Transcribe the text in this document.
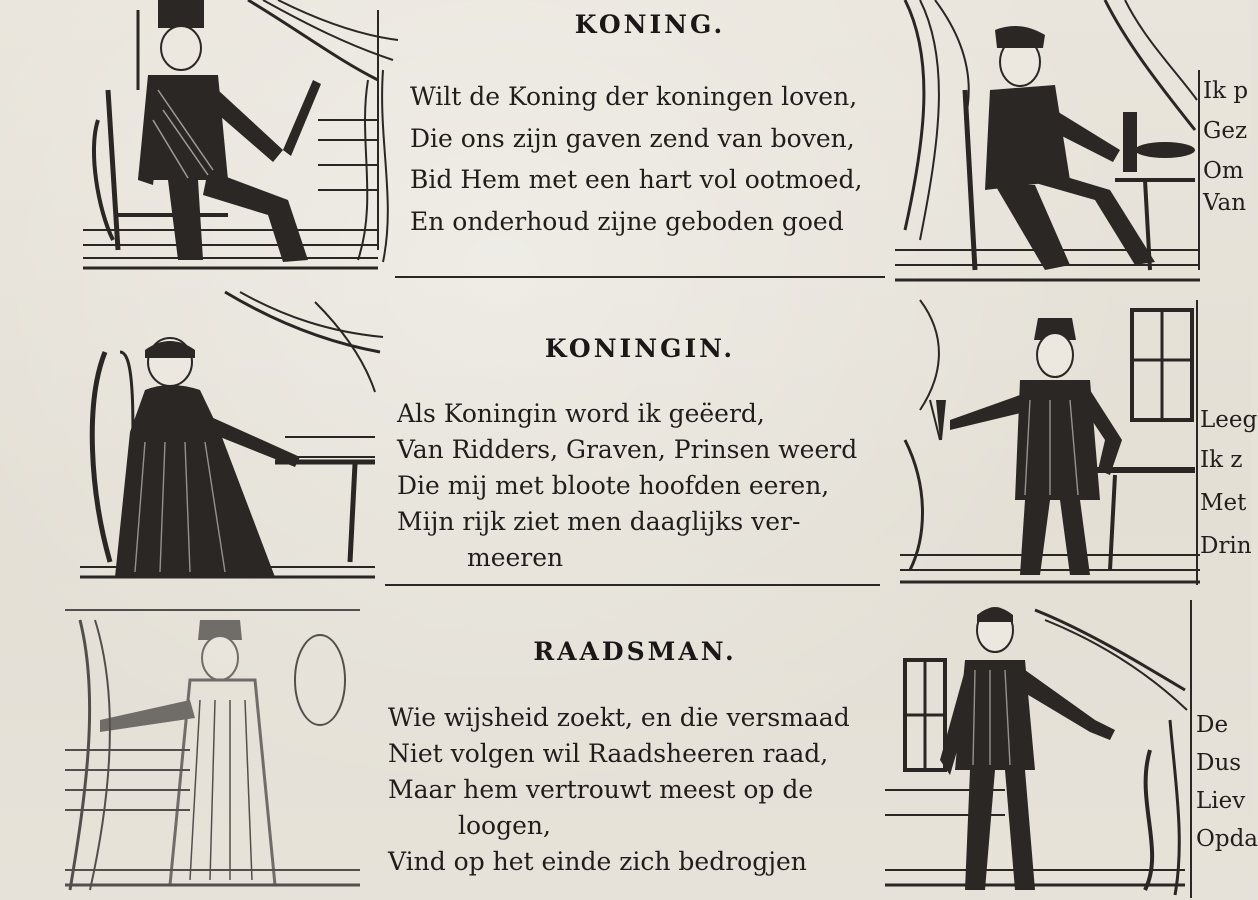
KONING.
Wilt de Koning der koningen loven,
Die ons zijn gaven zend van boven,
Bid Hem met een hart vol ootmoed,
En onderhoud zijne geboden goed
Ik p
Gez
Om
Van
KONINGIN.
Als Koningin word ik geëerd,
Van Ridders, Graven, Prinsen weerd
Die mij met bloote hoofden eeren,
Mijn rijk ziet men daaglijks ver-
meeren
Leeg
Ik z
Met
Drin
RAADSMAN.
Wie wijsheid zoekt, en die versmaad
Niet volgen wil Raadsheeren raad,
Maar hem vertrouwt meest op de
loogen,
Vind op het einde zich bedrogjen
De
Dus
Liev
Opda
